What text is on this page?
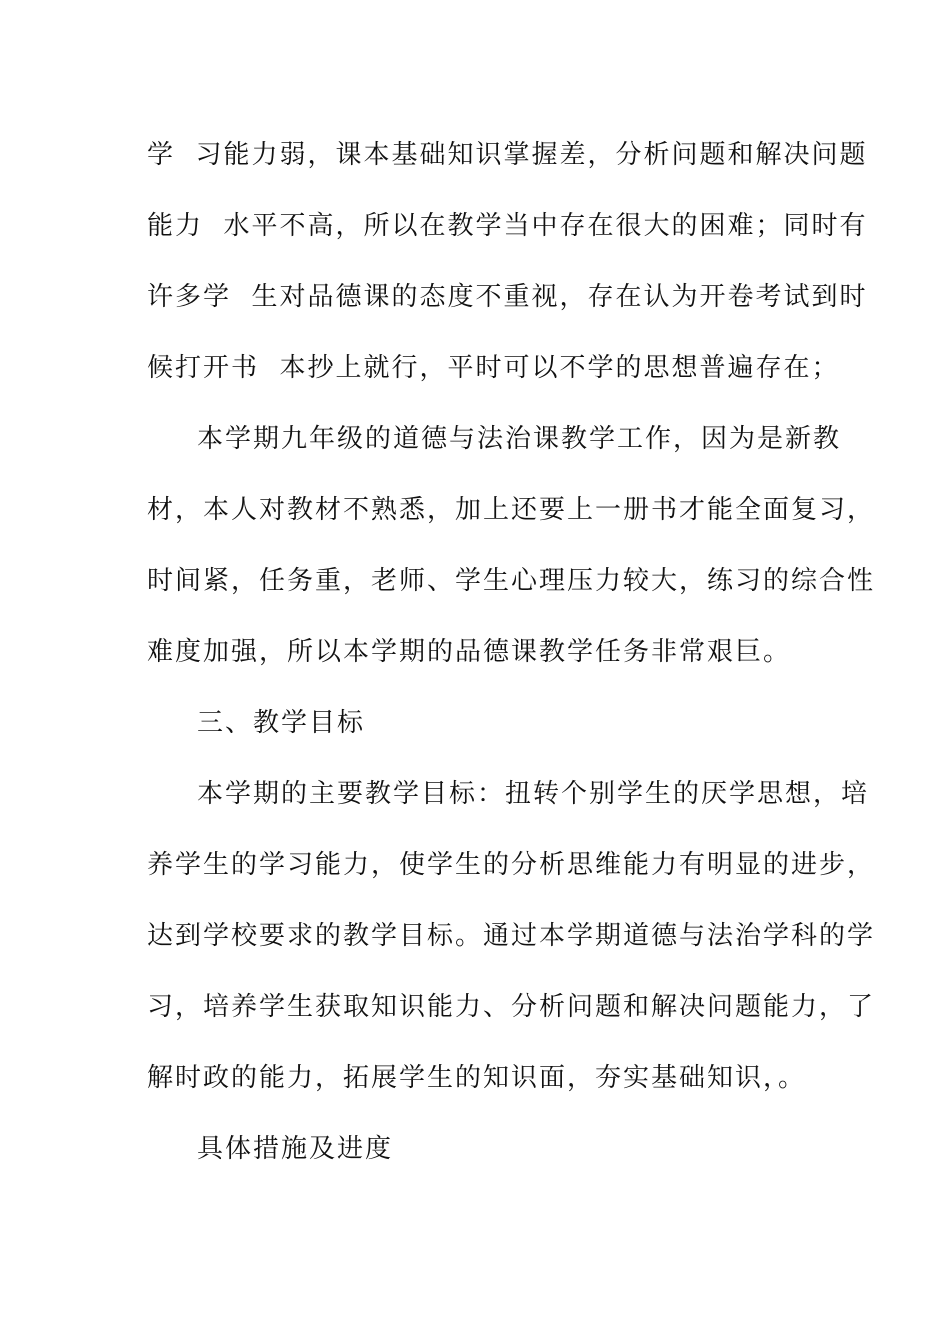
学  习能力弱，课本基础知识掌握差，分析问题和解决问题
能力  水平不高，所以在教学当中存在很大的困难；同时有
许多学  生对品德课的态度不重视，存在认为开卷考试到时
候打开书  本抄上就行，平时可以不学的思想普遍存在；
本学期九年级的道德与法治课教学工作，因为是新教
材，本人对教材不熟悉，加上还要上一册书才能全面复习，
时间紧，任务重，老师、学生心理压力较大，练习的综合性
难度加强，所以本学期的品德课教学任务非常艰巨。
三、教学目标
本学期的主要教学目标：扭转个别学生的厌学思想，培
养学生的学习能力，使学生的分析思维能力有明显的进步，
达到学校要求的教学目标。通过本学期道德与法治学科的学
习，培养学生获取知识能力、分析问题和解决问题能力，了
解时政的能力，拓展学生的知识面，夯实基础知识，。
具体措施及进度
